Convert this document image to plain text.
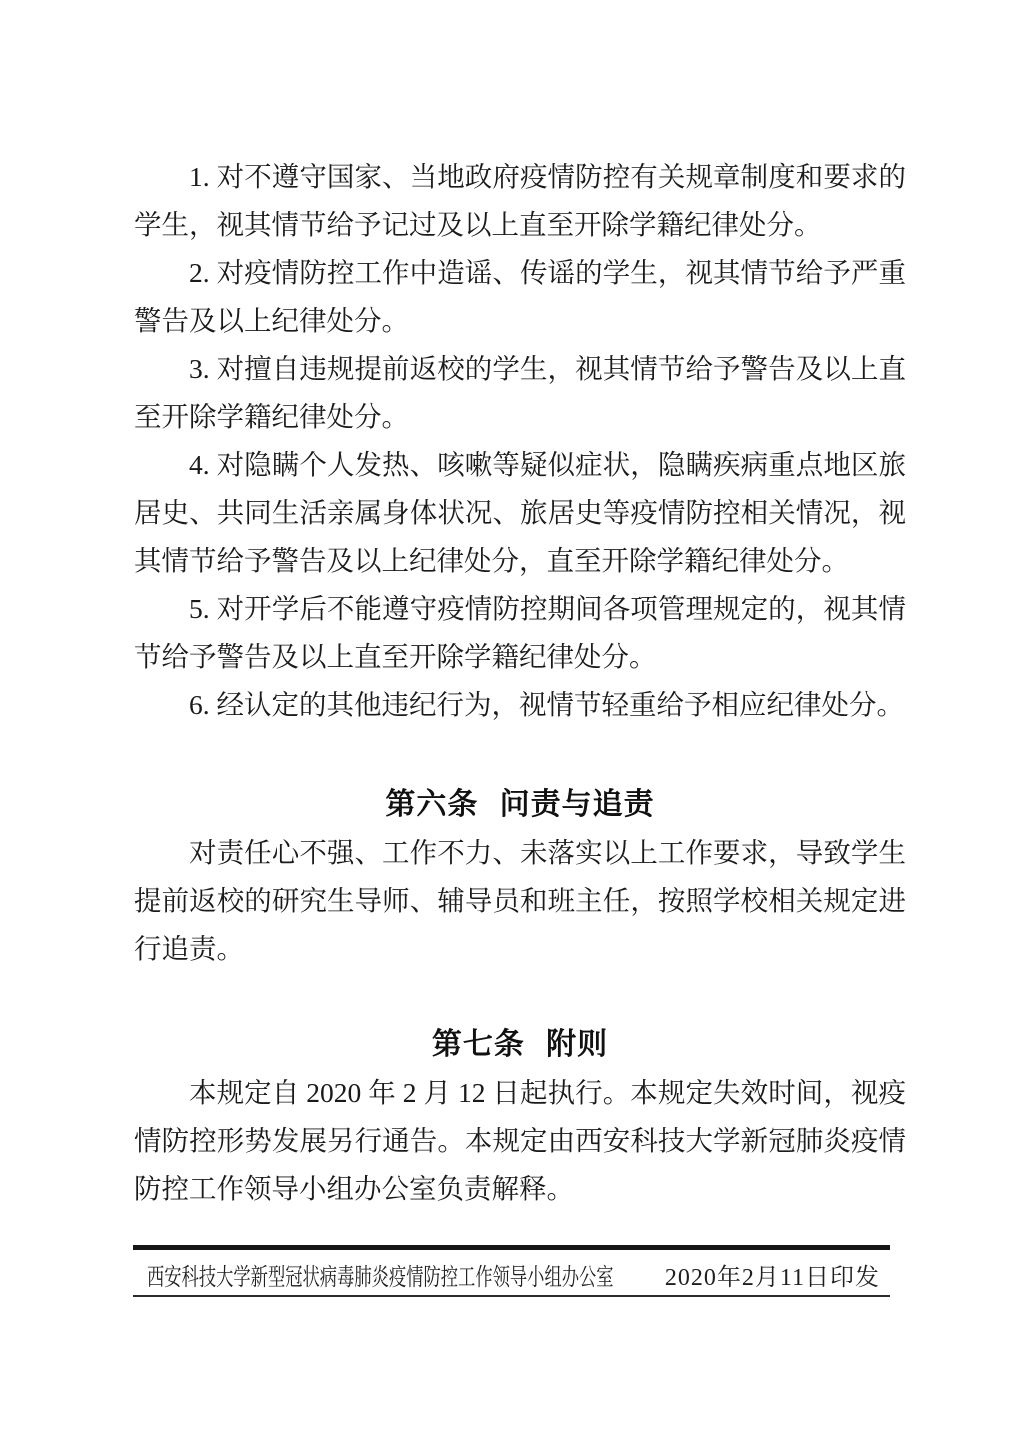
1. 对不遵守国家、当地政府疫情防控有关规章制度和要求的学生，视其情节给予记过及以上直至开除学籍纪律处分。

2. 对疫情防控工作中造谣、传谣的学生，视其情节给予严重警告及以上纪律处分。

3. 对擅自违规提前返校的学生，视其情节给予警告及以上直至开除学籍纪律处分。

4. 对隐瞒个人发热、咳嗽等疑似症状，隐瞒疾病重点地区旅居史、共同生活亲属身体状况、旅居史等疫情防控相关情况，视其情节给予警告及以上纪律处分，直至开除学籍纪律处分。

5. 对开学后不能遵守疫情防控期间各项管理规定的，视其情节给予警告及以上直至开除学籍纪律处分。

6. 经认定的其他违纪行为，视情节轻重给予相应纪律处分。

第六条 问责与追责

对责任心不强、工作不力、未落实以上工作要求，导致学生提前返校的研究生导师、辅导员和班主任，按照学校相关规定进行追责。

第七条 附则

本规定自 2020 年 2 月 12 日起执行。本规定失效时间，视疫情防控形势发展另行通告。本规定由西安科技大学新冠肺炎疫情防控工作领导小组办公室负责解释。

西安科技大学新型冠状病毒肺炎疫情防控工作领导小组办公室	2020年2月11日印发
